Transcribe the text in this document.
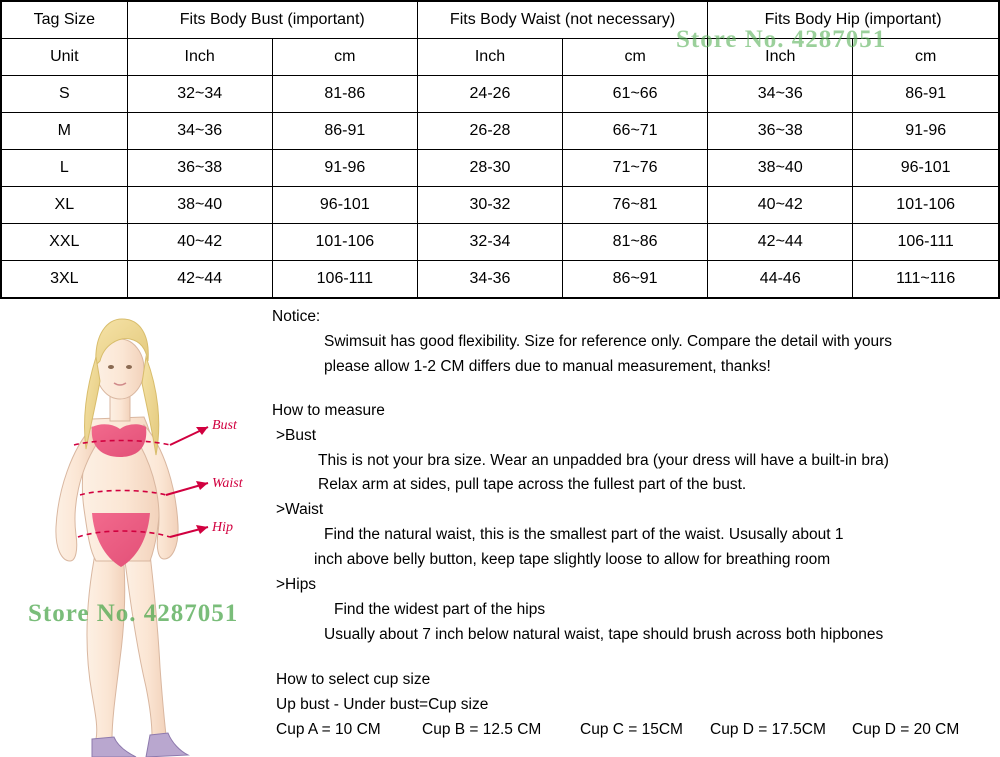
Tag Size	Fits Body Bust (important)		Fits Body Waist (not necessary)		Fits Body Hip (important)	
Unit	Inch	cm	Inch	cm	Inch	cm
S	32~34	81-86	24-26	61~66	34~36	86-91
M	34~36	86-91	26-28	66~71	36~38	91-96
L	36~38	91-96	28-30	71~76	38~40	96-101
XL	38~40	96-101	30-32	76~81	40~42	101-106
XXL	40~42	101-106	32-34	81~86	42~44	106-111
3XL	42~44	106-111	34-36	86~91	44-46	111~116
Bust
Waist
Hip
Notice:
Swimsuit has good flexibility. Size for reference only. Compare the detail with yours
please allow 1-2 CM differs due to manual measurement, thanks!
How to measure
>Bust
This is not your bra size. Wear an unpadded bra (your dress will have a built-in bra)
Relax arm at sides, pull tape across the fullest part of the bust.
>Waist
Find the natural waist, this is the smallest part of the waist. Ususally about 1
inch above belly button, keep tape slightly loose to allow for breathing room
>Hips
Find the widest part of the hips
Usually about 7 inch below natural waist, tape should brush across both hipbones
How to select cup size
Up bust - Under bust=Cup size
Cup A = 10 CM	Cup B = 12.5 CM Cup C = 15CM Cup D = 17.5CM Cup D = 20 CM
Store No. 4287051
Store No. 4287051
